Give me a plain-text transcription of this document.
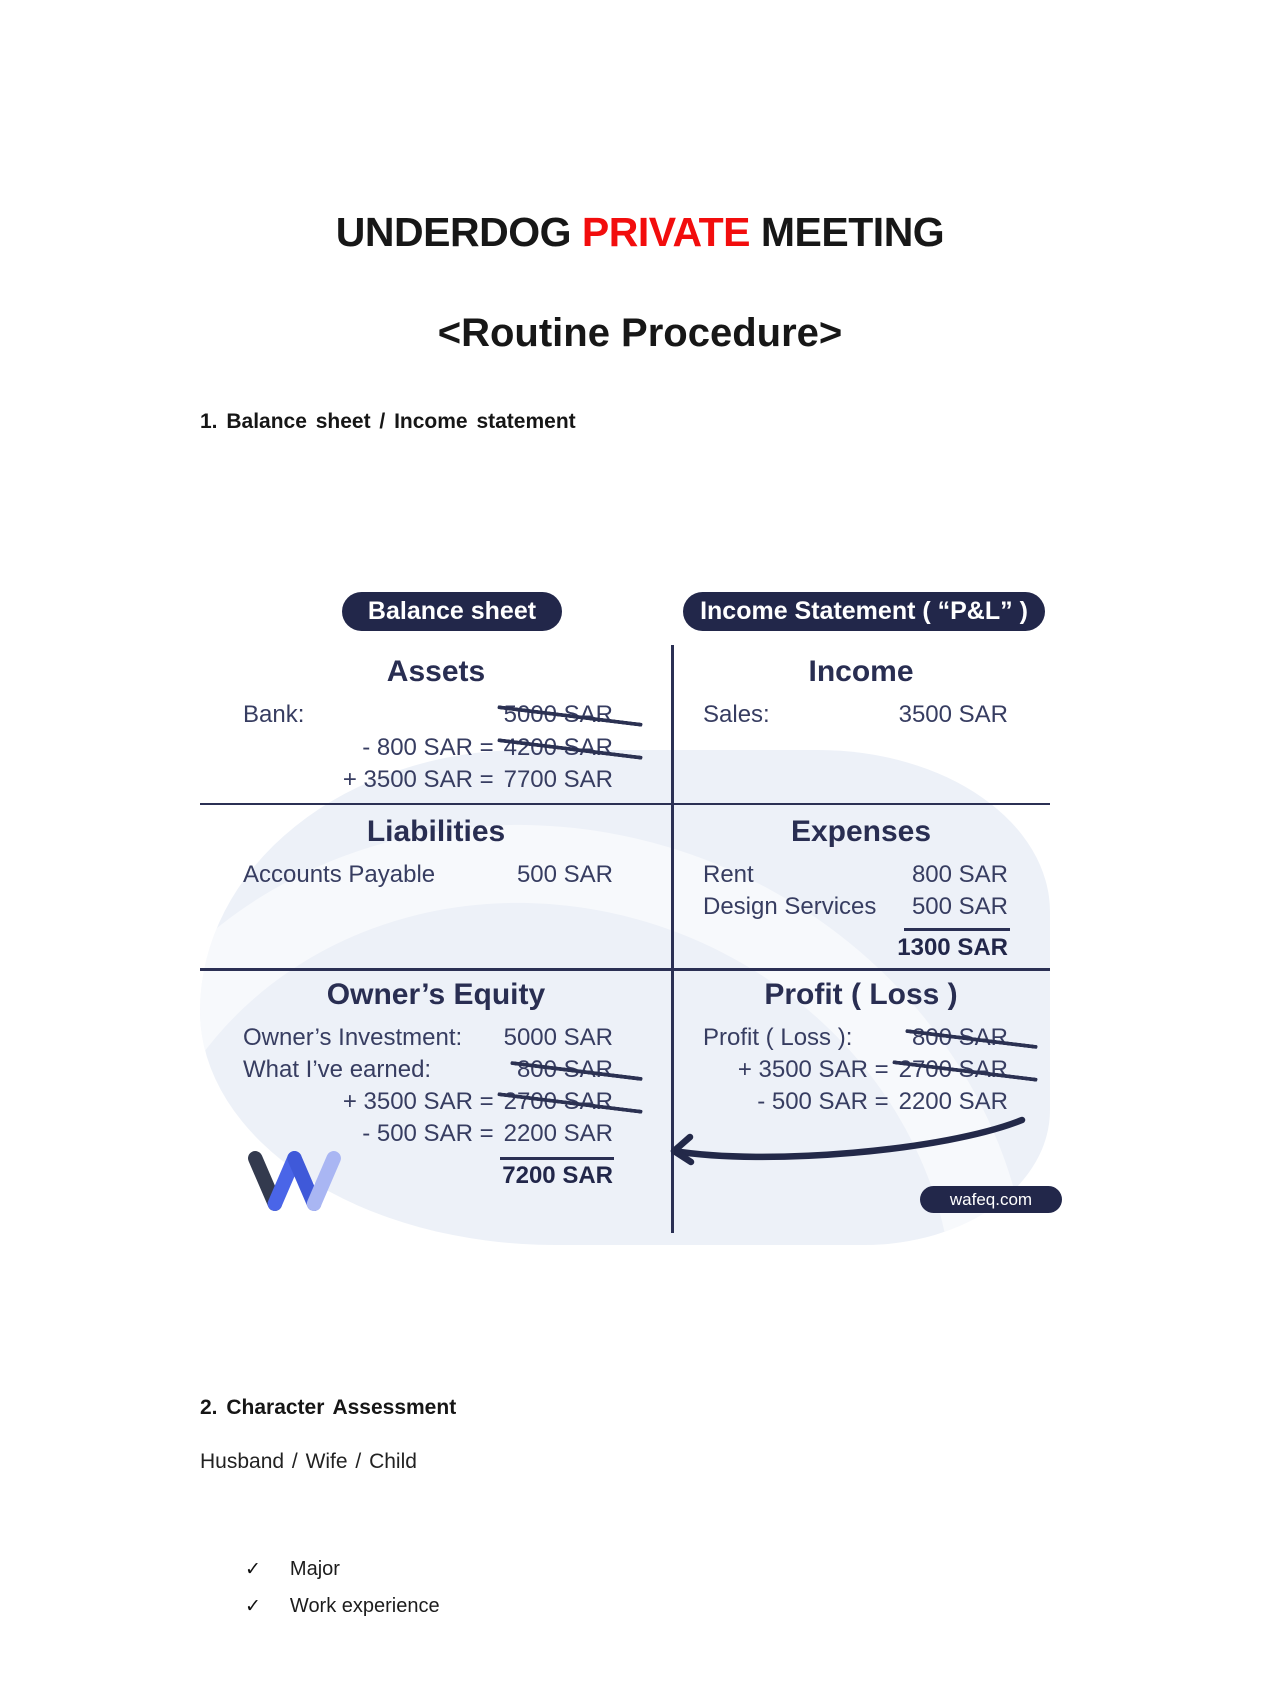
UNDERDOG PRIVATE MEETING
<Routine Procedure>
1. Balance sheet / Income statement
Balance sheet	Income Statement ( “P&L” )
Assets
Bank:	5000 SAR
- 800 SAR = 4200 SAR
+ 3500 SAR = 7700 SAR
Liabilities
Accounts Payable	500 SAR
Owner’s Equity
Owner’s Investment:	5000 SAR
What I’ve earned:	800 SAR
+ 3500 SAR = 2700 SAR
- 500 SAR = 2200 SAR
7200 SAR
Income
Sales:	3500 SAR
Expenses
Rent	800 SAR
Design Services	500 SAR
1300 SAR
Profit ( Loss )
Profit ( Loss ):	800 SAR
+ 3500 SAR = 2700 SAR
- 500 SAR = 2200 SAR
wafeq.com
2. Character Assessment
Husband / Wife / Child
✓ Major
✓ Work experience
